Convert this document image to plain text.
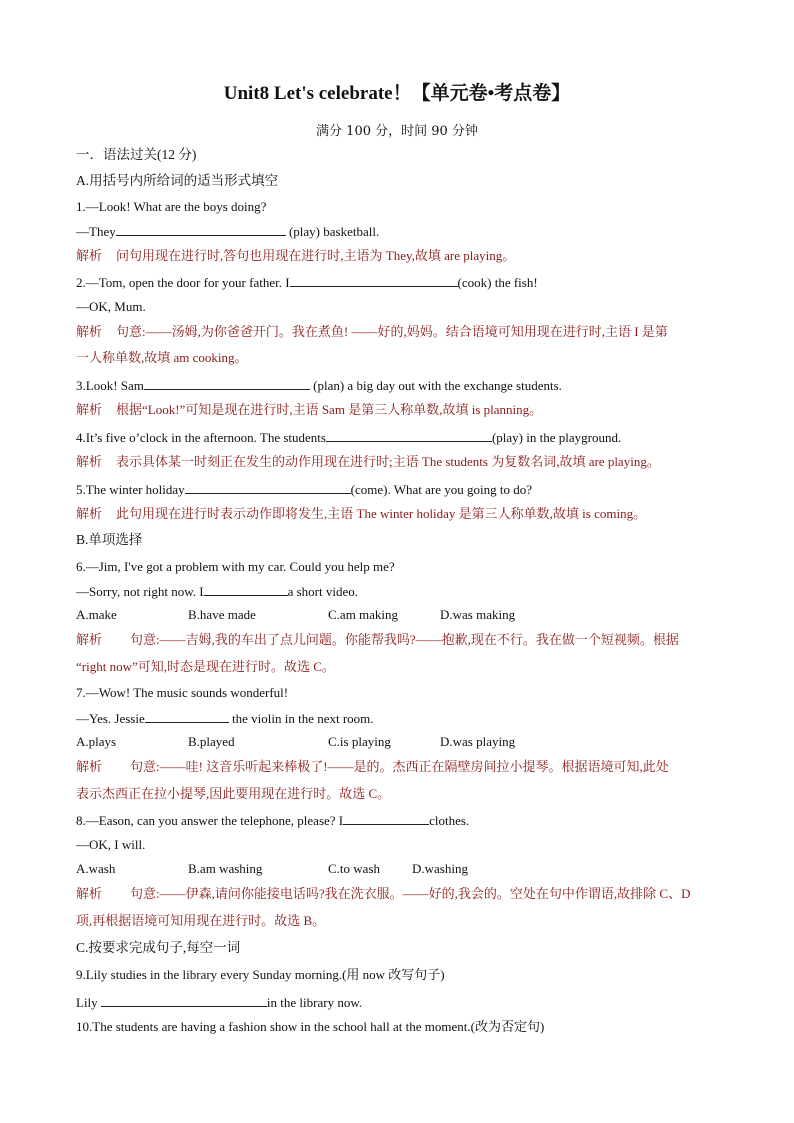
Unit8 Let's celebrate！【单元卷•考点卷】
满分 100 分，时间 90 分钟
一．语法过关(12 分)
A.用括号内所给词的适当形式填空
1.—Look! What are the boys doing?
—They	(play) basketball.
解析 问句用现在进行时,答句也用现在进行时,主语为 They,故填 are playing。
2.—Tom, open the door for your father. I	(cook) the fish!
—OK, Mum.
解析 句意:——汤姆,为你爸爸开门。我在煮鱼! ——好的,妈妈。结合语境可知用现在进行时,主语 I 是第
一人称单数,故填 am cooking。
3.Look! Sam	(plan) a big day out with the exchange students.
解析 根据“Look!”可知是现在进行时,主语 Sam 是第三人称单数,故填 is planning。
4.It’s five o’clock in the afternoon. The students	(play) in the playground.
解析 表示具体某一时刻正在发生的动作用现在进行时;主语 The students 为复数名词,故填 are playing。
5.The winter holiday	(come). What are you going to do?
解析 此句用现在进行时表示动作即将发生,主语 The winter holiday 是第三人称单数,故填 is coming。
B.单项选择
6.—Jim, I've got a problem with my car. Could you help me?
—Sorry, not right now. I	a short video.
A.make	B.have made	C.am making	D.was making
解析 句意:——吉姆,我的车出了点儿问题。你能帮我吗?——抱歉,现在不行。我在做一个短视频。根据
“right now”可知,时态是现在进行时。故选 C。
7.—Wow! The music sounds wonderful!
—Yes. Jessie	the violin in the next room.
A.plays	B.played	C.is playing	D.was playing
解析 句意:——哇! 这音乐听起来棒极了!——是的。杰西正在隔壁房间拉小提琴。根据语境可知,此处
表示杰西正在拉小提琴,因此要用现在进行时。故选 C。
8.—Eason, can you answer the telephone, please? I	clothes.
—OK, I will.
A.wash	B.am washing	C.to wash D.washing
解析 句意:——伊森,请问你能接电话吗?我在洗衣服。——好的,我会的。空处在句中作谓语,故排除 C、D
项,再根据语境可知用现在进行时。故选 B。
C.按要求完成句子,每空一词
9.Lily studies in the library every Sunday morning.(用 now 改写句子)
Lily	in the library now.
10.The students are having a fashion show in the school hall at the moment.(改为否定句)
